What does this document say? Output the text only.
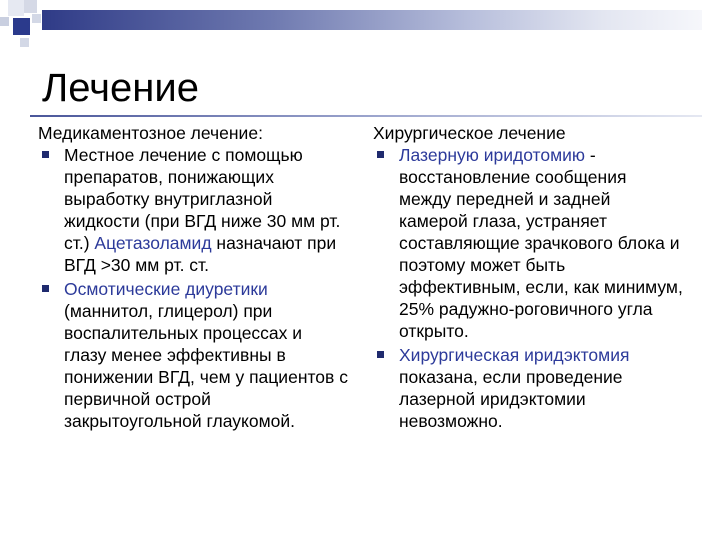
Лечение

Медикаментозное лечение:

Местное лечение с помощью препаратов, понижающих выработку внутриглазной жидкости (при ВГД ниже 30 мм рт. ст.) Ацетазоламид назначают при ВГД >30 мм рт. ст.
Осмотические диуретики (маннитол, глицерол) при воспалительных процессах и глазу менее эффективны в понижении ВГД, чем у пациентов с первичной острой закрытоугольной глаукомой.

Хирургическое лечение

Лазерную иридотомию - восстановление сообщения между передней и задней камерой глаза, устраняет составляющие зрачкового блока и поэтому может быть эффективным, если, как минимум, 25% радужно-роговичного угла открыто.
Хирургическая иридэктомия показана, если проведение лазерной иридэктомии невозможно.
